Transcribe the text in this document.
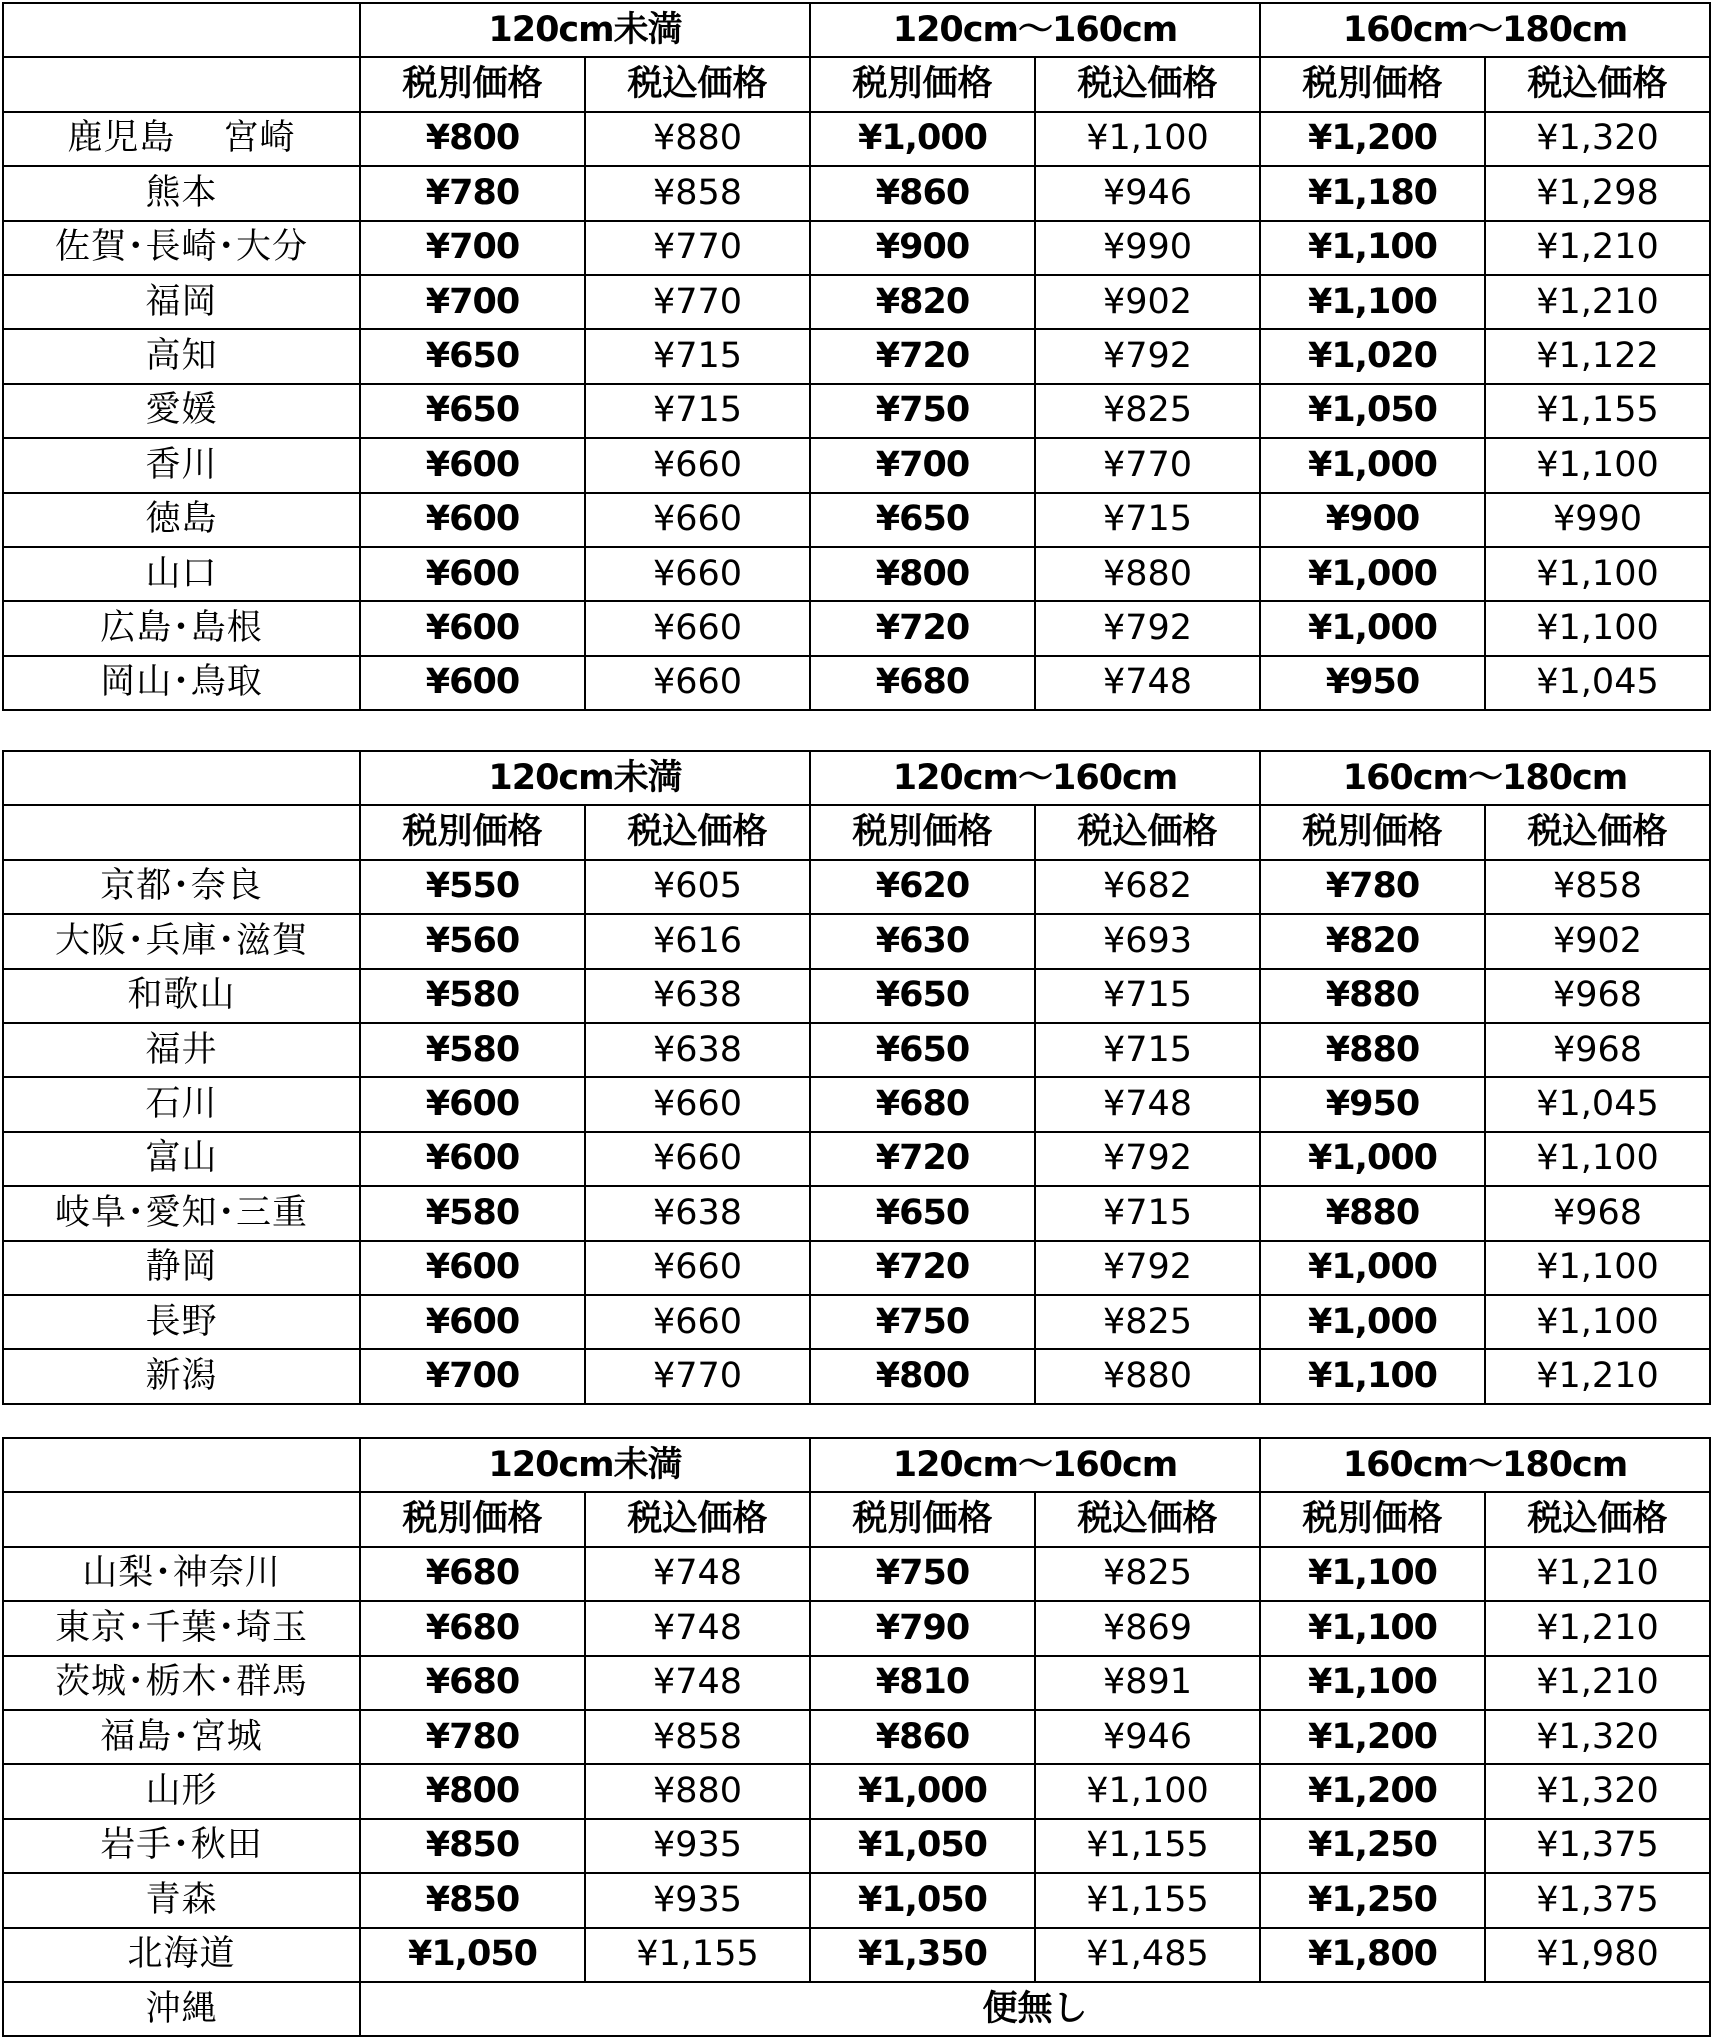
	120cm未満		120cm〜160cm		160cm〜180cm	
	税別価格	税込価格	税別価格	税込価格	税別価格	税込価格
鹿児島　 宮崎	¥800	¥880	¥1,000	¥1,100	¥1,200	¥1,320
熊本	¥780	¥858	¥860	¥946	¥1,180	¥1,298
佐賀･長崎･大分	¥700	¥770	¥900	¥990	¥1,100	¥1,210
福岡	¥700	¥770	¥820	¥902	¥1,100	¥1,210
高知	¥650	¥715	¥720	¥792	¥1,020	¥1,122
愛媛	¥650	¥715	¥750	¥825	¥1,050	¥1,155
香川	¥600	¥660	¥700	¥770	¥1,000	¥1,100
徳島	¥600	¥660	¥650	¥715	¥900	¥990
山口	¥600	¥660	¥800	¥880	¥1,000	¥1,100
広島･島根	¥600	¥660	¥720	¥792	¥1,000	¥1,100
岡山･鳥取	¥600	¥660	¥680	¥748	¥950	¥1,045
	120cm未満		120cm〜160cm		160cm〜180cm	
	税別価格	税込価格	税別価格	税込価格	税別価格	税込価格
京都･奈良	¥550	¥605	¥620	¥682	¥780	¥858
大阪･兵庫･滋賀	¥560	¥616	¥630	¥693	¥820	¥902
和歌山	¥580	¥638	¥650	¥715	¥880	¥968
福井	¥580	¥638	¥650	¥715	¥880	¥968
石川	¥600	¥660	¥680	¥748	¥950	¥1,045
富山	¥600	¥660	¥720	¥792	¥1,000	¥1,100
岐阜･愛知･三重	¥580	¥638	¥650	¥715	¥880	¥968
静岡	¥600	¥660	¥720	¥792	¥1,000	¥1,100
長野	¥600	¥660	¥750	¥825	¥1,000	¥1,100
新潟	¥700	¥770	¥800	¥880	¥1,100	¥1,210
	120cm未満		120cm〜160cm		160cm〜180cm	
	税別価格	税込価格	税別価格	税込価格	税別価格	税込価格
山梨･神奈川	¥680	¥748	¥750	¥825	¥1,100	¥1,210
東京･千葉･埼玉	¥680	¥748	¥790	¥869	¥1,100	¥1,210
茨城･栃木･群馬	¥680	¥748	¥810	¥891	¥1,100	¥1,210
福島･宮城	¥780	¥858	¥860	¥946	¥1,200	¥1,320
山形	¥800	¥880	¥1,000	¥1,100	¥1,200	¥1,320
岩手･秋田	¥850	¥935	¥1,050	¥1,155	¥1,250	¥1,375
青森	¥850	¥935	¥1,050	¥1,155	¥1,250	¥1,375
北海道	¥1,050	¥1,155	¥1,350	¥1,485	¥1,800	¥1,980
沖縄	便無し					
